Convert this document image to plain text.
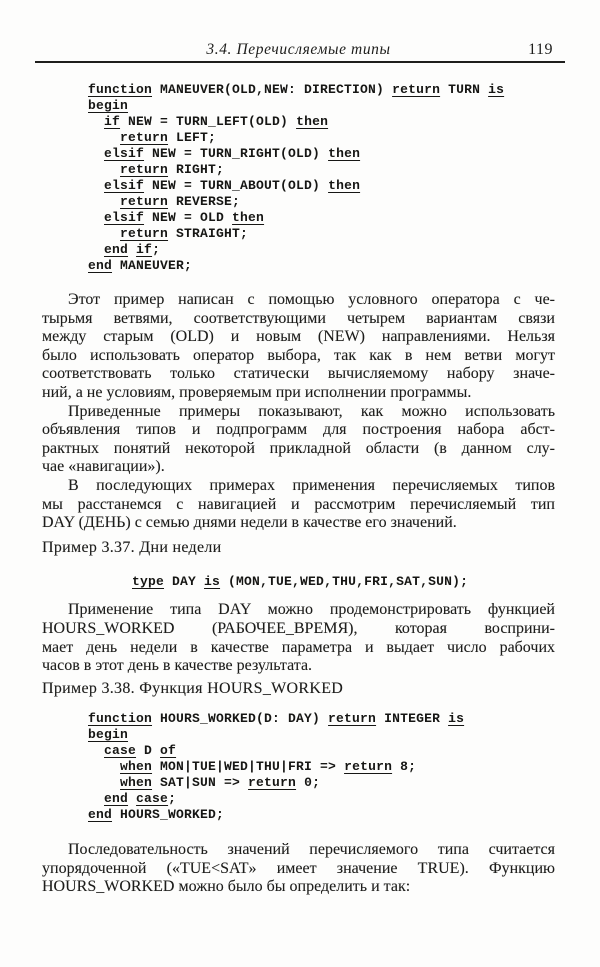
3.4. Перечисляемые типы	119
function MANEUVER(OLD,NEW: DIRECTION) return TURN is
begin
if NEW = TURN_LEFT(OLD) then
return LEFT;
elsif NEW = TURN_RIGHT(OLD) then
return RIGHT;
elsif NEW = TURN_ABOUT(OLD) then
return REVERSE;
elsif NEW = OLD then
return STRAIGHT;
end if;
end MANEUVER;
Этот пример написан с помощью условного оператора с че-
тырьмя ветвями, соответствующими четырем вариантам связи
между старым (OLD) и новым (NEW) направлениями. Нельзя
было использовать оператор выбора, так как в нем ветви могут
соответствовать только статически вычисляемому набору значе-
ний, а не условиям, проверяемым при исполнении программы.
Приведенные примеры показывают, как можно использовать
объявления типов и подпрограмм для построения набора абст-
рактных понятий некоторой прикладной области (в данном слу-
чае «навигации»).
В последующих примерах применения перечисляемых типов
мы расстанемся с навигацией и рассмотрим перечисляемый тип
DAY (ДЕНЬ) с семью днями недели в качестве его значений.
Пример 3.37. Дни недели
type DAY is (MON,TUE,WED,THU,FRI,SAT,SUN);
Применение типа DAY можно продемонстрировать функцией
HOURS_WORKED (РАБОЧЕЕ_ВРЕМЯ), которая восприни-
мает день недели в качестве параметра и выдает число рабочих
часов в этот день в качестве результата.
Пример 3.38. Функция HOURS_WORKED
function HOURS_WORKED(D: DAY) return INTEGER is
begin
case D of
when MON|TUE|WED|THU|FRI => return 8;
when SAT|SUN => return 0;
end case;
end HOURS_WORKED;
Последовательность значений перечисляемого типа считается
упорядоченной («TUE<SAT» имеет значение TRUE). Функцию
HOURS_WORKED можно было бы определить и так:
